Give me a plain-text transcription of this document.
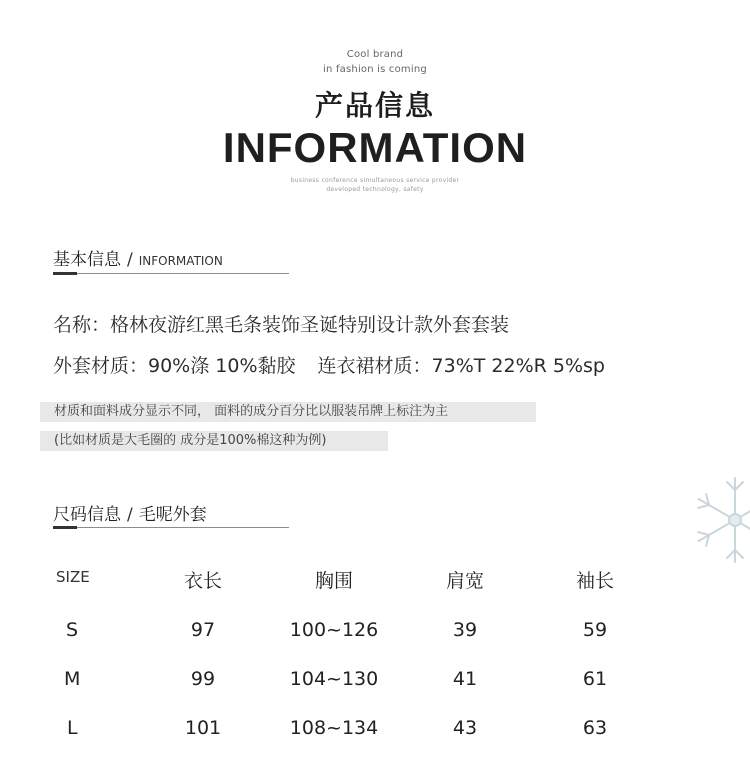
Cool brand
in fashion is coming
产品信息
INFORMATION
business conference simultaneous service provider
developed technology, safety
基本信息 / INFORMATION
名称：格林夜游红黑毛条装饰圣诞特别设计款外套套装
外套材质：90%涤 10%黏胶 连衣裙材质：73%T 22%R 5%sp
材质和面料成分显示不同， 面料的成分百分比以服装吊牌上标注为主
(比如材质是大毛圈的 成分是100%棉这种为例)
尺码信息 / 毛呢外套
SIZE	衣长	胸围	肩宽	袖长
S	97	100~126	39	59
M	99	104~130	41	61
L	101	108~134	43	63
